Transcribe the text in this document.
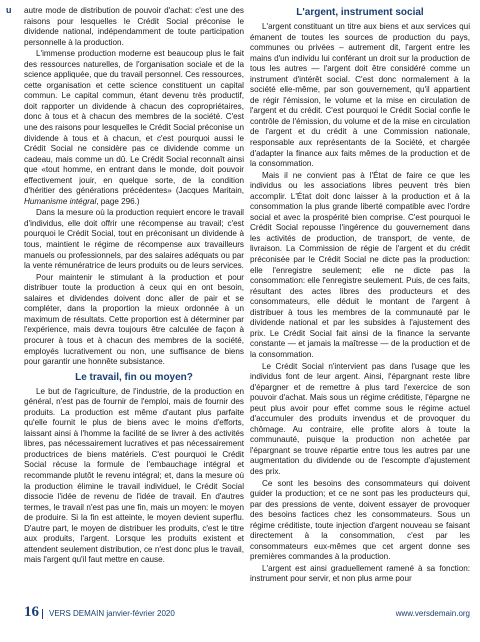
u autre mode de distribution de pouvoir d'achat: c'est une des raisons pour lesquelles le Crédit Social préconise le dividende national, indépendamment de toute participation personnelle à la production.

L'immense production moderne est beaucoup plus le fait des ressources naturelles, de l'organisation sociale et de la science appliquée, que du travail personnel. Ces ressources, cette organisation et cette science constituent un capital commun. Le capital commun, étant devenu très productif, doit rapporter un dividende à chacun des copropriétaires, donc à tous et à chacun des membres de la société. C'est une des raisons pour lesquelles le Crédit Social préconise un dividende à tous et à chacun, et c'est pourquoi aussi le Crédit Social ne considère pas ce dividende comme un cadeau, mais comme un dû. Le Crédit Social reconnaît ainsi que «tout homme, en entrant dans le monde, doit pouvoir effectivement jouir, en quelque sorte, de la condition d'héritier des générations précédentes» (Jacques Maritain, Humanisme intégral, page 296.)

Dans la mesure où la production requiert encore le travail d'individus, elle doit offrir une récompense au travail; c'est pourquoi le Crédit Social, tout en préconisant un dividende à tous, maintient le régime de récompense aux travailleurs manuels ou professionnels, par des salaires adéquats ou par la vente rémunératrice de leurs produits ou de leurs services.

Pour maintenir le stimulant à la production et pour distribuer toute la production à ceux qui en ont besoin, salaires et dividendes doivent donc aller de pair et se compléter, dans la proportion la mieux ordonnée à un maximum de résultats. Cette proportion est à déterminer par l'expérience, mais devra toujours être calculée de façon à procurer à tous et à chacun des membres de la société, employés lucrativement ou non, une suffisance de biens pour garantir une honnête subsistance.

Le travail, fin ou moyen?

Le but de l'agriculture, de l'industrie, de la production en général, n'est pas de fournir de l'emploi, mais de fournir des produits. La production est même d'autant plus parfaite qu'elle fournit le plus de biens avec le moins d'efforts, laissant ainsi à l'homme la facilité de se livrer à des activités libres, pas nécessairement lucratives et pas nécessairement productrices de biens matériels. C'est pourquoi le Crédit Social récuse la formule de l'embauchage intégral et recommande plutôt le revenu intégral; et, dans la mesure où la production élimine le travail individuel, le Crédit Social dissocie l'idée de revenu de l'idée de travail. En d'autres termes, le travail n'est pas une fin, mais un moyen: le moyen de produire. Si la fin est atteinte, le moyen devient superflu. D'autre part, le moyen de distribuer les produits, c'est le titre aux produits, l'argent. Lorsque les produits existent et attendent seulement distribution, ce n'est donc plus le travail, mais l'argent qu'il faut mettre en cause.

L'argent, instrument social

L'argent constituant un titre aux biens et aux services qui émanent de toutes les sources de production du pays, communes ou privées – autrement dit, l'argent entre les mains d'un individu lui conférant un droit sur la production de tous les autres — l'argent doit être considéré comme un instrument d'intérêt social. C'est donc normalement à la société elle-même, par son gouvernement, qu'il appartient de régir l'émission, le volume et la mise en circulation de l'argent et du crédit. C'est pourquoi le Crédit Social confie le contrôle de l'émission, du volume et de la mise en circulation de l'argent et du crédit à une Commission nationale, responsable aux représentants de la Société, et chargée d'adapter la finance aux faits mêmes de la production et de la consommation.

Mais il ne convient pas à l'État de faire ce que les individus ou les associations libres peuvent très bien accomplir. L'État doit donc laisser à la production et à la consommation la plus grande liberté compatible avec l'ordre social et avec la prospérité bien comprise. C'est pourquoi le Crédit Social repousse l'ingérence du gouvernement dans les activités de production, de transport, de vente, de livraison. La Commission de régie de l'argent et du crédit préconisée par le Crédit Social ne dicte pas la production: elle l'enregistre seulement; elle ne dicte pas la consommation: elle l'enregistre seulement. Puis, de ces faits, résultant des actes libres des producteurs et des consommateurs, elle déduit le montant de l'argent à distribuer à tous les membres de la communauté par le dividende national et par les subsides à l'ajustement des prix. Le Crédit Social fait ainsi de la finance la servante constante — et jamais la maîtresse — de la production et de la consommation.

Le Crédit Social n'intervient pas dans l'usage que les individus font de leur argent. Ainsi, l'épargnant reste libre d'épargner et de remettre à plus tard l'exercice de son pouvoir d'achat. Mais sous un régime créditiste, l'épargne ne peut plus avoir pour effet comme sous le régime actuel d'accumuler des produits invendus et de provoquer du chômage. Au contraire, elle profite alors à toute la communauté, puisque la production non achetée par l'épargnant se trouve répartie entre tous les autres par une augmentation du dividende ou de l'escompte d'ajustement des prix.

Ce sont les besoins des consommateurs qui doivent guider la production; et ce ne sont pas les producteurs qui, par des pressions de vente, doivent essayer de provoquer des besoins factices chez les consommateurs. Sous un régime créditiste, toute injection d'argent nouveau se faisant directement à la consommation, c'est par les consommateurs eux-mêmes que cet argent donne ses premières commandes à la production.

L'argent est ainsi graduellement ramené à sa fonction: instrument pour servir, et non plus arme pour

16	VERS DEMAIN janvier-février 2020	www.versdemain.org
